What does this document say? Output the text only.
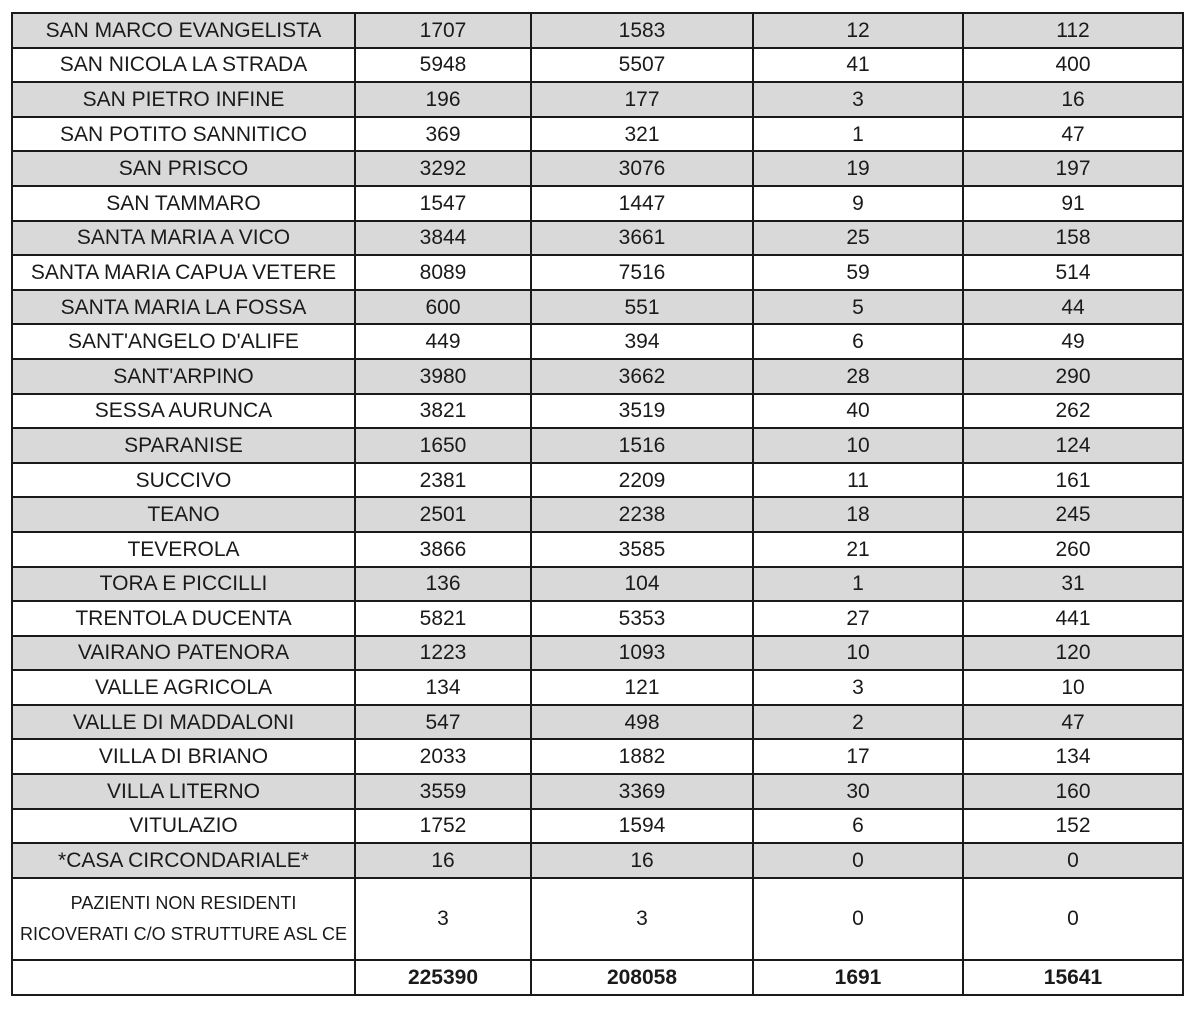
SAN MARCO EVANGELISTA	1707	1583	12	112
SAN NICOLA LA STRADA	5948	5507	41	400
SAN PIETRO INFINE	196	177	3	16
SAN POTITO SANNITICO	369	321	1	47
SAN PRISCO	3292	3076	19	197
SAN TAMMARO	1547	1447	9	91
SANTA MARIA A VICO	3844	3661	25	158
SANTA MARIA CAPUA VETERE	8089	7516	59	514
SANTA MARIA LA FOSSA	600	551	5	44
SANT'ANGELO D'ALIFE	449	394	6	49
SANT'ARPINO	3980	3662	28	290
SESSA AURUNCA	3821	3519	40	262
SPARANISE	1650	1516	10	124
SUCCIVO	2381	2209	11	161
TEANO	2501	2238	18	245
TEVEROLA	3866	3585	21	260
TORA E PICCILLI	136	104	1	31
TRENTOLA DUCENTA	5821	5353	27	441
VAIRANO PATENORA	1223	1093	10	120
VALLE AGRICOLA	134	121	3	10
VALLE DI MADDALONI	547	498	2	47
VILLA DI BRIANO	2033	1882	17	134
VILLA LITERNO	3559	3369	30	160
VITULAZIO	1752	1594	6	152
*CASA CIRCONDARIALE*	16	16	0	0
PAZIENTI NON RESIDENTI RICOVERATI C/O STRUTTURE ASL CE	3	3	0	0
	225390	208058	1691	15641
